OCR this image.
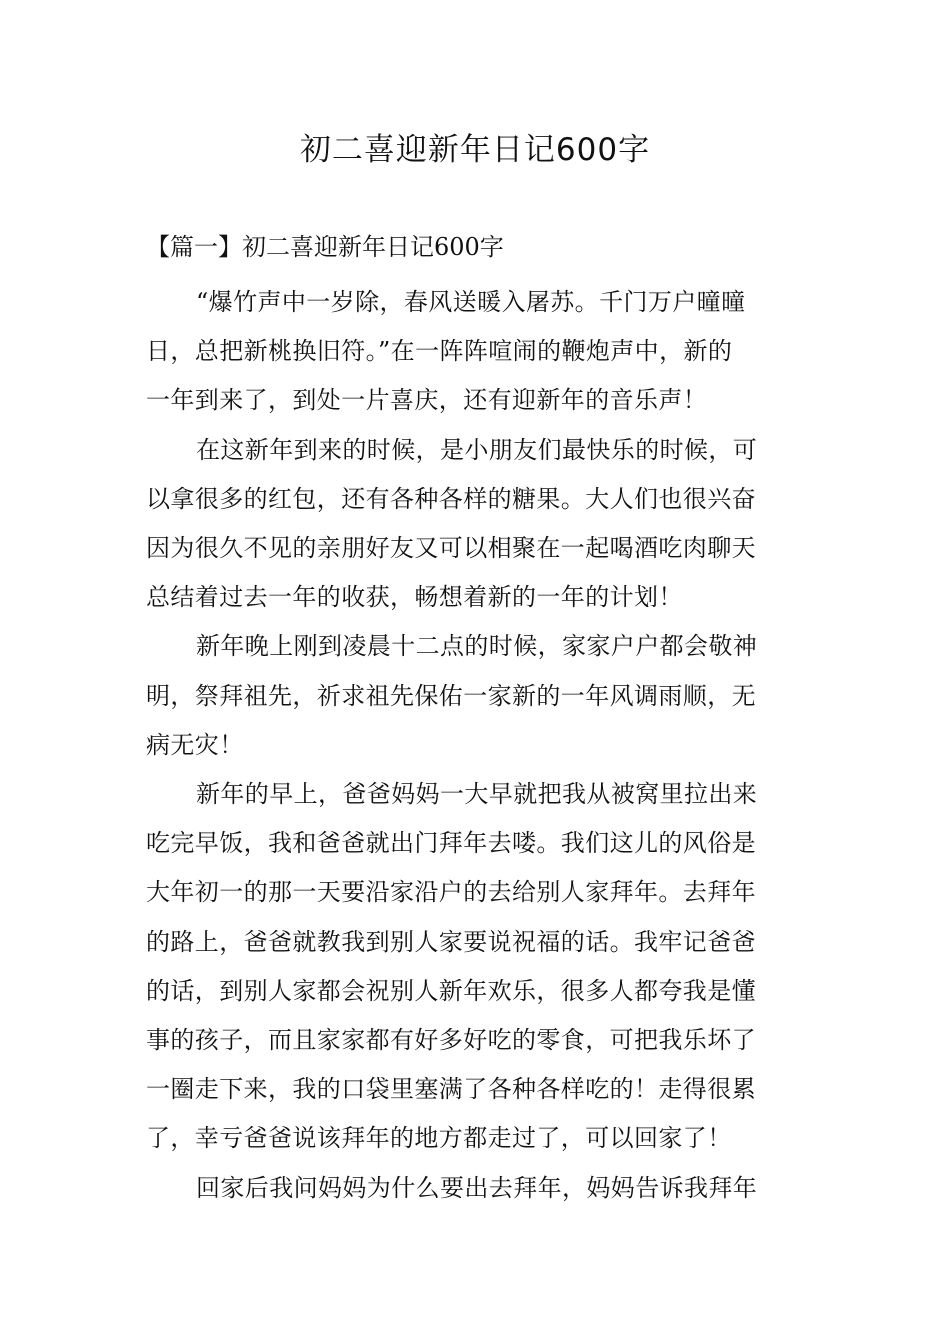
初二喜迎新年日记600字

【篇一】初二喜迎新年日记600字

“爆竹声中一岁除，春风送暖入屠苏。千门万户曈曈
日，总把新桃换旧符。”在一阵阵喧闹的鞭炮声中，新的
一年到来了，到处一片喜庆，还有迎新年的音乐声！

在这新年到来的时候，是小朋友们最快乐的时候，可
以拿很多的红包，还有各种各样的糖果。大人们也很兴奋
因为很久不见的亲朋好友又可以相聚在一起喝酒吃肉聊天
总结着过去一年的收获，畅想着新的一年的计划！

新年晚上刚到凌晨十二点的时候，家家户户都会敬神
明，祭拜祖先，祈求祖先保佑一家新的一年风调雨顺，无
病无灾！

新年的早上，爸爸妈妈一大早就把我从被窝里拉出来
吃完早饭，我和爸爸就出门拜年去喽。我们这儿的风俗是
大年初一的那一天要沿家沿户的去给别人家拜年。去拜年
的路上，爸爸就教我到别人家要说祝福的话。我牢记爸爸
的话，到别人家都会祝别人新年欢乐，很多人都夸我是懂
事的孩子，而且家家都有好多好吃的零食，可把我乐坏了
一圈走下来，我的口袋里塞满了各种各样吃的！走得很累
了，幸亏爸爸说该拜年的地方都走过了，可以回家了！

回家后我问妈妈为什么要出去拜年，妈妈告诉我拜年
